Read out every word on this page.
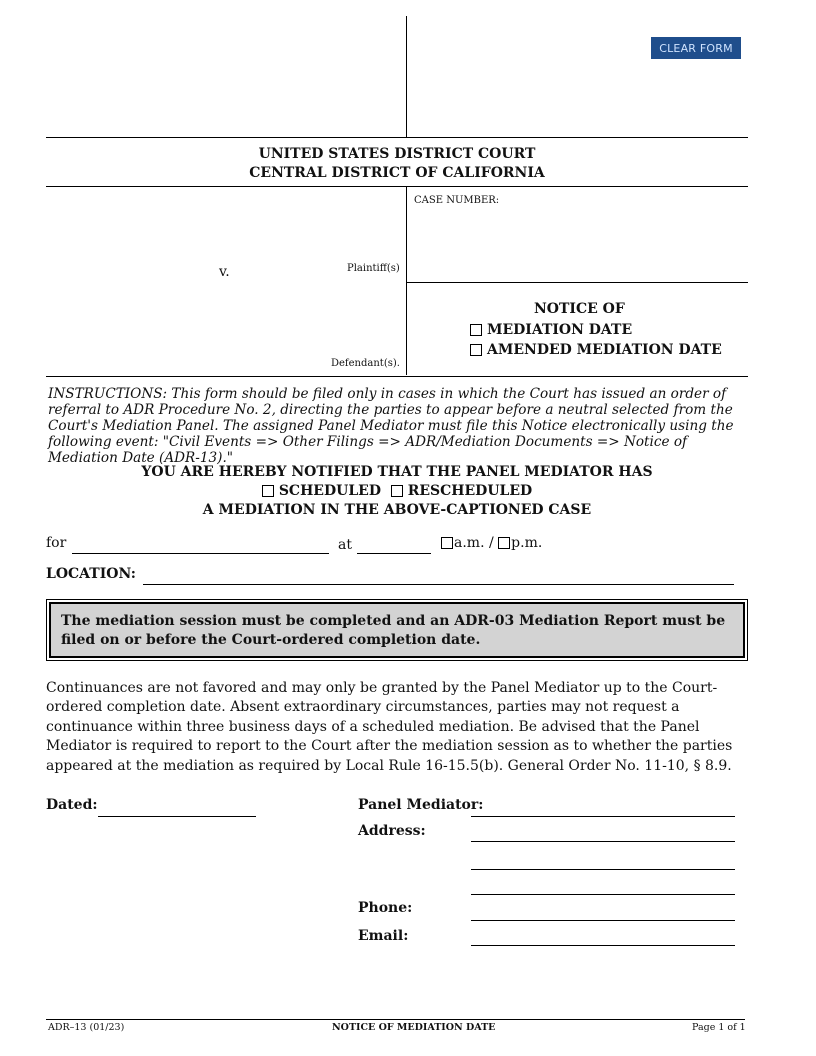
CLEAR FORM
UNITED STATES DISTRICT COURT
CENTRAL DISTRICT OF CALIFORNIA
CASE NUMBER:
v.	Plaintiff(s)
Defendant(s).
NOTICE OF
MEDIATION DATE
AMENDED MEDIATION DATE
INSTRUCTIONS: This form should be filed only in cases in which the Court has issued an order of referral to ADR Procedure No. 2, directing the parties to appear before a neutral selected from the Court's Mediation Panel. The assigned Panel Mediator must file this Notice electronically using the following event: "Civil Events => Other Filings => ADR/Mediation Documents => Notice of Mediation Date (ADR-13)."
YOU ARE HEREBY NOTIFIED THAT THE PANEL MEDIATOR HAS
SCHEDULED RESCHEDULED
A MEDIATION IN THE ABOVE-CAPTIONED CASE
for	at	a.m. / p.m.
LOCATION:
The mediation session must be completed and an ADR-03 Mediation Report must be filed on or before the Court-ordered completion date.
Continuances are not favored and may only be granted by the Panel Mediator up to the Court-ordered completion date. Absent extraordinary circumstances, parties may not request a continuance within three business days of a scheduled mediation. Be advised that the Panel Mediator is required to report to the Court after the mediation session as to whether the parties appeared at the mediation as required by Local Rule 16-15.5(b). General Order No. 11-10, § 8.9.
Dated:	Panel Mediator:
Address:
Phone:
Email:
ADR–13 (01/23)	NOTICE OF MEDIATION DATE	Page 1 of 1
